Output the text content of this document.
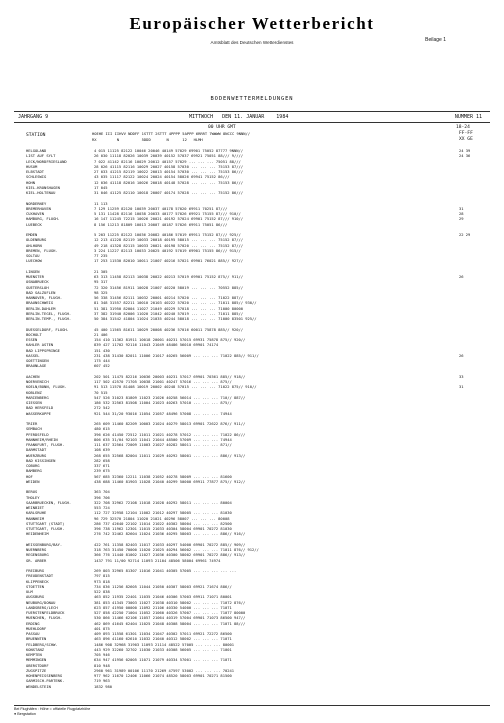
Europäischer Wetterbericht
Amtsblatt des Deutschen Wetterdienstes	Beilage 1
BODENWETTERMELDUNGEN
JAHRGANG 9	MITTWOCH   DEN 11. JANUAR    1984	NUMMER 11
00 UHR GMT	18-24
STATION	HOEHE III IIHVV NDDFF 1STTT 2STTT 4PPPP 5APPP 6RRRT 7WWWW 8NCCC 9NNN//
RX         N          5DDD       N      12   HLMH
FF-FF
XX GE
HELGOLAND	4 015 11125 82122 10046 20046 40149 57029 69901 75052 87777 9NNN//	24 39
LIST AUF SYLT	26 030 11118 82026 10039 20039 40152 57037 69921 75051 88/// 9////	24 36
LECK/NORDFRIESLAND	7 022 41142 82116 10029 20012 40157 57029 ... ... ... 75051 88///
HUSUM	28 026 41115 82116 10029 20027 40158 57030 ... ... ... 75153 87///
ELBSTADT	27 033 41215 82119 10022 20013 40154 57030 ... ... ... 75153 86///
SCHLESWIG	43 035 11117 82122 10024 20024 40154 58026 69941 75152 86///
HOHN	12 036 41118 82016 10026 20018 40148 57028 ... ... ... 75153 86///
KIEL-KRONSHAGEN	17 045
KIEL-HOLTENAU	31 046 41125 82110 10018 20007 40174 57028 ... ... ... 75152 86///
NORDERNEY	11 113
BREMERHAVEN	7 129 11259 82120 10039 20037 40178 57020 69911 70251 87///	31
CUXHAVEN	5 131 11428 82116 10038 20033 40177 57026 69921 75155 87/// 910//	28
HAMBURG, FLUGH.	16 147 11245 72215 10026 20021 40192 57024 69901 75152 87/// 910//	29
LUEBECK	8 156 11213 81809 10013 20007 40187 57026 69911 75051 86///
EMDEN	5 203 11225 82122 10036 20082 40186 57019 69911 75152 87/// 925//	22 29
OLDENBURG	12 213 41228 82119 10033 20018 40195 58015 ... ... ... 75152 87///
AHLHORN	49 218 41328 82115 10033 20021 40198 57020 ... ... ... 75152 87///
BREMEN, FLUGH.	3 224 11227 82113 10033 20025 40192 57019 69901 75155 86/// 915//
SOLTAU	77 235
LUECHOW	17 253 11530 82010 10011 21007 40216 57021 69901 76021 885// 927//
LINGEN	21 305
MUENSTER	63 313 11458 82113 10038 20022 40213 57019 69901 75152 875// 911//	26
OSNABRUECK	95 317
GUETERSLOH	72 320 31456 81911 10028 21007 40220 58019 ... ... ... 70552 885//
BAD SALZUFLEN	98 325
HANNOVER, FLUGH.	56 338 31456 82111 10032 20001 40214 57020 ... ... ... 71022 887//
BRAUNSCHWEIG	81 348 31557 82211 10010 20103 40222 57020 ... ... ... 71011 885// 930//
BERLIN-DAHLEM	51 381 31950 82004 11027 21049 40229 57018 ... ... ... 71000 80000
BERLIN-TEGEL, FLUGH.	37 382 31940 82006 11020 21042 40240 57019 ... ... ... 71011 885//
BERLIN-TEMP., FLUGH.	50 384 31542 41804 11024 21035 40244 58018 ... ... ... 71000 83501 925//
DUESSELDORF, FLUGH.	45 400 11565 81611 10029 20008 40236 57016 60011 75878 885// 920//
BOCHOLT	21 406
ESSEN	154 410 11362 81911 10018 20001 40231 57015 69931 75878 875// 920//
KAHLER ASTEN	839 427 11702 92116 11043 21049 48486 56010 69901 74174
BAD LIPPSPRINGE	151 430
KASSEL	231 438 31430 82011 11006 21017 40265 56009 ... ... ... 71022 885// 911//	26
GOETTINGEN	175 444
BRAUNLAGE	607 452
AACHEN	202 501 11475 82216 10036 20003 40231 57017 69901 70361 885// 918//	33
NOERVENICH	117 502 42570 71705 10038 21001 40247 57016 ... ... ... 875//
KOELN/BONN, FLUGH.	91 513 11570 81408 10019 20002 40248 57015 ... ... ... 71022 875// 910//	31
KOBLENZ	70 515
MARIENBERG	547 526 31023 81809 11023 21026 40258 56014 ... ... ... 710// 887//
GIESSEN	186 532 32563 81508 11004 21023 40263 57010 ... ... ... 875//
BAD HERSFELD	272 542
WASSERKUPPE	921 544 31/20 93016 11054 21057 48496 57008 ... ... ... 74944
TRIER	265 609 11460 82209 10003 21024 40279 58013 69901 72622 876// 911//
SEMBACH	480 615
PFERDSFELD	396 626 41450 72512 11011 21021 40278 57012 ... ... ... 71022 86///
MANNHEIM/RHEIN	806 635 31/04 92103 11041 21044 48500 57009 ... ... ... 74944
FRANKFURT, FLUGH.	111 637 32564 72009 11003 21027 40282 58011 ... ... ... 871//
DARMSTADT	108 639
WUERZBURG	268 655 32568 82004 11011 21029 40292 58001 ... ... ... 886// 913//
BAD KISSINGEN	282 658
COBURG	337 671
BAMBERG	239 675
HOF	567 685 32360 12211 11038 21052 40278 58009 ... ... ... 81600
WEIDEN	438 688 11460 81903 11028 21040 40299 50000 69911 77877 875// 912//
BERUS	363 704
THOLEY	396 706
SAARBRUECKEN, FLUGH.	322 708 32962 72108 11018 21028 40292 58011 ... ... ... 80004
WEINBIET	553 724
KARLSRUHE	112 727 32958 12104 11002 21012 40297 58005 ... ... ... 81030
MANNHEIM	96 729 32570 21804 11020 21021 40296 58007 ... ... ... 80008
STUTTGART (STADT)	286 737 42640 22102 11014 21022 40302 58004 ... ... ... 82500
STUTTGART, FLUGH.	396 738 11962 12301 11015 21033 40304 58004 69901 70272 81030
HEIDENHEIM	276 742 32462 82604 11024 21036 40295 58003 ... ... ... 886// 916//
WEISSENBURG/BAY.	422 761 11358 82403 11017 21033 40297 54000 69901 70272 885// 909//
NUERNBERG	318 763 31450 70000 11020 21025 40294 56002 ... ... ... 71011 876// 912//
REGENSBURG	366 776 11440 81002 11027 21036 40300 58002 69901 70272 886// 913//
GR. ARBER	1437 791 11/00 92714 11093 21104 48506 58004 69961 74974
FREIBURG	269 803 32965 81307 11016 21041 40305 57005 ... ... ... ... ...
FREUDENSTADT	797 815
KLIPPENECK	973 818
STOETTEN	734 836 11256 82605 11044 21050 40307 58003 69921 71674 886//
ULM	522 838
AUGSBURG	463 852 11935 22401 11035 21046 40306 57003 69911 71071 80001
NEUBURG/DONAU	381 853 41345 73003 11027 21038 40310 58002 ... ... ... 71072 876//
LANDSBERG/LECH	623 857 41950 00000 11092 21106 40330 54000 ... ... ... 71071
FUERSTENFELDBRUCK	527 858 42250 71004 11052 21060 40326 57007 ... ... ... 71077 80000
MUENCHEN, FLUGH.	530 866 11466 62106 11057 21064 40319 57004 69901 71073 86500 947//
ERDING	462 869 41645 62404 11025 21048 40308 58004 ... ... ... 71071 88///
MUEHLDORF	401 875
PASSAU	409 893 11558 61301 11034 21047 40302 57011 69921 72272 86500
BRUENNTEN	463 896 41160 62610 11032 21040 40312 58002 ... ... ... 71071
FELDBERG/SCHW.	1486 908 32968 31903 11093 21114 48522 57005 ... ... ... 80001
KONSTANZ	443 929 32260 32702 11030 21033 40308 56005 ... ... ... 71001
KEMPTEN	705 946
MEMMINGEN	634 947 41956 02005 11071 21079 40334 57001 ... ... ... 71071
OBERSTDORF	810 948
ZUGSPITZE	2960 961 31989 00106 11170 21269 47597 53002 ... ... ... 70241
HOHENPEISSENBERG	977 962 11670 12406 11066 21074 48520 58003 69901 70271 81500
GARMISCH-PARTENK.	719 963
WENDELSTEIN	1832 980
Bei Flughäfen : Höhe = offizielle Flugplatzhöhe
● Bergstation
